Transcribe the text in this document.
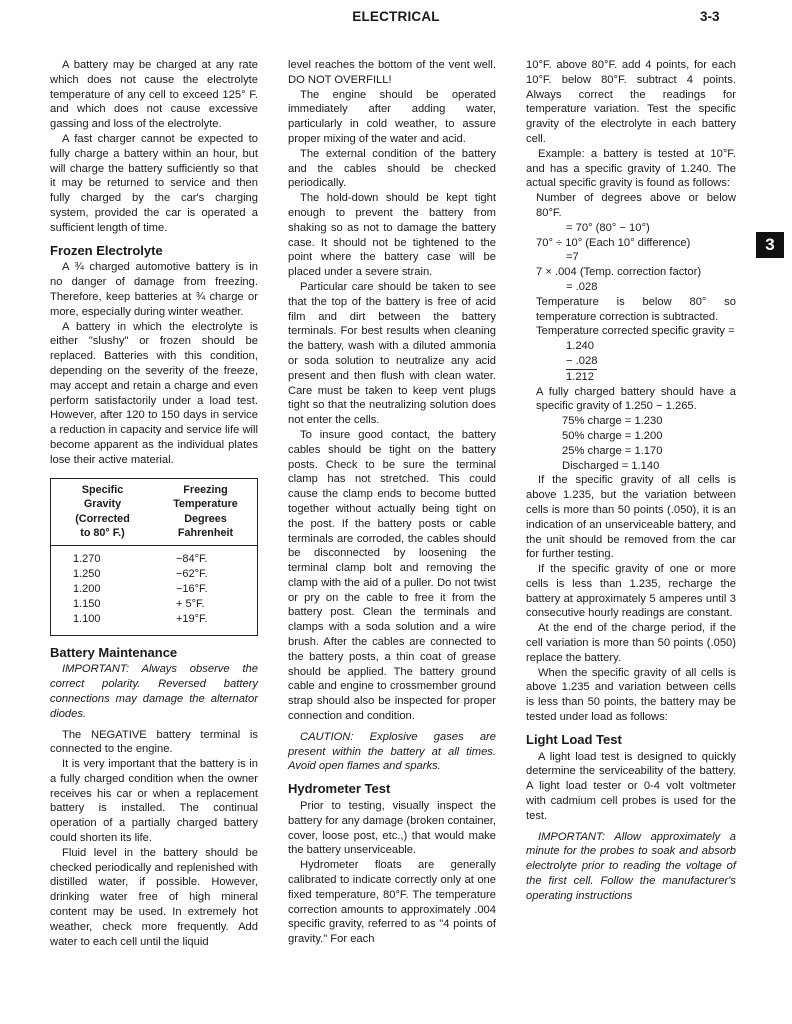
ELECTRICAL	3-3
3

A battery may be charged at any rate which does not cause the electrolyte temperature of any cell to exceed 125° F. and which does not cause excessive gassing and loss of the electrolyte.

A fast charger cannot be expected to fully charge a battery within an hour, but will charge the battery sufficiently so that it may be returned to service and then fully charged by the car's charging system, provided the car is operated a sufficient length of time.

Frozen Electrolyte

A ¾ charged automotive battery is in no danger of damage from freezing. Therefore, keep batteries at ¾ charge or more, especially during winter weather.

A battery in which the electrolyte is either "slushy" or frozen should be replaced. Batteries with this condition, depending on the severity of the freeze, may accept and retain a charge and even perform satisfactorily under a load test. However, after 120 to 150 days in service a reduction in capacity and service life will become apparent as the individual plates lose their active material.

Specific
Gravity
(Corrected
to 80° F.)
Freezing
Temperature
Degrees
Fahrenheit
1.270	−84°F.
1.250	−62°F.
1.200	−16°F.
1.150	+ 5°F.
1.100	+19°F.
Battery Maintenance

IMPORTANT: Always observe the correct polarity. Reversed battery connections may damage the alternator diodes.

The NEGATIVE battery terminal is connected to the engine.

It is very important that the battery is in a fully charged condition when the owner receives his car or when a replacement battery is installed. The continual operation of a partially charged battery could shorten its life.

Fluid level in the battery should be checked periodically and replenished with distilled water, if possible. However, drinking water free of high mineral content may be used. In extremely hot weather, check more frequently. Add water to each cell until the liquid

level reaches the bottom of the vent well. DO NOT OVERFILL!

The engine should be operated immediately after adding water, particularly in cold weather, to assure proper mixing of the water and acid.

The external condition of the battery and the cables should be checked periodically.

The hold-down should be kept tight enough to prevent the battery from shaking so as not to damage the battery case. It should not be tightened to the point where the battery case will be placed under a severe strain.

Particular care should be taken to see that the top of the battery is free of acid film and dirt between the battery terminals. For best results when cleaning the battery, wash with a diluted ammonia or soda solution to neutralize any acid present and then flush with clean water. Care must be taken to keep vent plugs tight so that the neutralizing solution does not enter the cells.

To insure good contact, the battery cables should be tight on the battery posts. Check to be sure the terminal clamp has not stretched. This could cause the clamp ends to become butted together without actually being tight on the post. If the battery posts or cable terminals are corroded, the cables should be disconnected by loosening the terminal clamp bolt and removing the clamp with the aid of a puller. Do not twist or pry on the cable to free it from the battery post. Clean the terminals and clamps with a soda solution and a wire brush. After the cables are connected to the battery posts, a thin coat of grease should be applied. The battery ground cable and engine to crossmember ground strap should also be inspected for proper connection and condition.

CAUTION: Explosive gases are present within the battery at all times. Avoid open flames and sparks.

Hydrometer Test

Prior to testing, visually inspect the battery for any damage (broken container, cover, loose post, etc.,) that would make the battery unserviceable.

Hydrometer floats are generally calibrated to indicate correctly only at one fixed temperature, 80°F. The temperature correction amounts to approximately .004 specific gravity, referred to as "4 points of gravity." For each

10°F. above 80°F. add 4 points, for each 10°F. below 80°F. subtract 4 points. Always correct the readings for temperature variation. Test the specific gravity of the electrolyte in each battery cell.

Example: a battery is tested at 10°F. and has a specific gravity of 1.240. The actual specific gravity is found as follows:

Number of degrees above or below 80°F.

= 70° (80° − 10°)

70° ÷ 10° (Each 10° difference)

=7

7 × .004 (Temp. correction factor)

= .028

Temperature is below 80° so temperature correction is subtracted.

Temperature corrected specific gravity =

1.240

− .028

1.212

A fully charged battery should have a specific gravity of 1.250 − 1.265.

75% charge = 1.230

50% charge = 1.200

25% charge = 1.170

Discharged = 1.140

If the specific gravity of all cells is above 1.235, but the variation between cells is more than 50 points (.050), it is an indication of an unserviceable battery, and the unit should be removed from the car for further testing.

If the specific gravity of one or more cells is less than 1.235, recharge the battery at approximately 5 amperes until 3 consecutive hourly readings are constant.

At the end of the charge period, if the cell variation is more than 50 points (.050) replace the battery.

When the specific gravity of all cells is above 1.235 and variation between cells is less than 50 points, the battery may be tested under load as follows:

Light Load Test

A light load test is designed to quickly determine the serviceability of the battery. A light load tester or 0-4 volt voltmeter with cadmium cell probes is used for the test.

IMPORTANT: Allow approximately a minute for the probes to soak and absorb electrolyte prior to reading the voltage of the first cell. Follow the manufacturer's operating instructions
